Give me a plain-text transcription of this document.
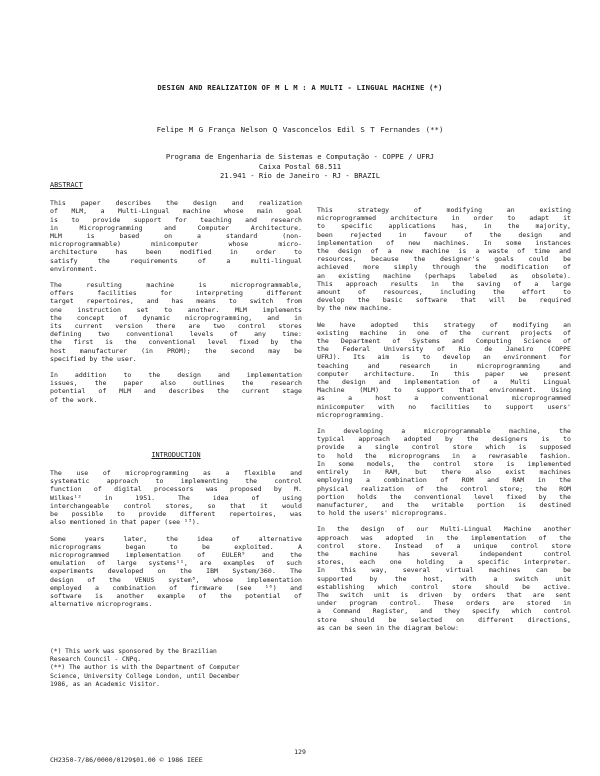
DESIGN AND REALIZATION OF M L M : A MULTI - LINGUAL MACHINE (*)
Felipe M G França Nelson Q Vasconcelos Edil S T Fernandes (**)
Programa de Engenharia de Sistemas e Computação - COPPE / UFRJ
Caixa Postal 68.511
21.941 - Rio de Janeiro - RJ - BRAZIL
ABSTRACT
This paper describes the design and realization
of MLM, a Multi-Lingual machine whose main goal
is to provide support for teaching and research
in Microprogramming and Computer Architecture.
MLM is based on a standard (non-
microprogrammable) minicomputer whose micro-
architecture has been modified in order to
satisfy the requirements of a multi-lingual
environment.
The resulting machine is microprogrammable,
offers facilities for interpreting different
target repertoires, and has means to switch from
one instruction set to another. MLM implements
the concept of dynamic microprogramming, and in
its current version there are two control stores
defining two conventional levels of any time:
the first is the conventional level fixed by the
host manufacturer (in PROM); the second may be
specified by the user.
In addition to the design and implementation
issues, the paper also outlines the research
potential of MLM and describes the current stage
of the work.
INTRODUCTION
The use of microprogramming as a flexible and
systematic approach to implementing the control
function of digital processors was proposed by M.
Wilkes¹² in 1951. The idea of using
interchangeable control stores, so that it would
be possible to provide different repertoires, was
also mentioned in that paper (see ¹³).
Some years later, the idea of alternative
microprograms began to be exploited. A
microprogrammed implementation of EULER⁹ and the
emulation of large systems¹¹, are examples of such
experiments developed on the IBM System/360. The
design of the VENUS system⁸, whose implementation
employed a combination of firmware (see ¹⁰) and
software is another example of the potential of
alternative microprograms.
This strategy of modifying an existing
microprogrammed architecture in order to adapt it
to specific applications has, in the majority,
been rejected in favour of the design and
implementation of new machines. In some instances
the design of a new machine is a waste of time and
resources, because the designer's goals could be
achieved more simply through the modification of
an existing machine (perhaps labeled as obsolete).
This approach results in the saving of a large
amount of resources, including the effort to
develop the basic software that will be required
by the new machine.
We have adopted this strategy of modifying an
existing machine in one of the current projects of
the Department of Systems and Computing Science of
the Federal University of Rio de Janeiro (COPPE
UFRJ). Its aim is to develop an environment for
teaching and research in microprogramming and
computer architecture. In this paper we present
the design and implementation of a Multi Lingual
Machine (MLM) to support that environment. Using
as a host a conventional microprogrammed
minicomputer with no facilities to support users'
microprogramming.
In developing a microprogrammable machine, the
typical approach adopted by the designers is to
provide a single control store which is supposed
to hold the microprograms in a rewrasable fashion.
In some models, the control store is implemented
entirely in RAM, but there also exist machines
employing a combination of ROM and RAM in the
physical realization of the control store; the ROM
portion holds the conventional level fixed by the
manufacturer, and the writable portion is destined
to hold the users' microprograms.
In the design of our Multi-Lingual Machine another
approach was adopted in the implementation of the
control store. Instead of a unique control store
the machine has several independent control
stores, each one holding a specific interpreter.
In this way, several virtual machines can be
supported by the host, with a switch unit
establishing which control store should be active.
The switch unit is driven by orders that are sent
under program control. These orders are stored in
a Command Register, and they specify which control
store should be selected on different directions,
as can be seen in the diagram below:
(*) This work was sponsored by the Brazilian
Research Council - CNPq.
(**) The author is with the Department of Computer
Science, University College London, until December
1986, as an Academic Visitor.
129
CH2350-7/86/0000/0129$01.00 © 1986 IEEE
